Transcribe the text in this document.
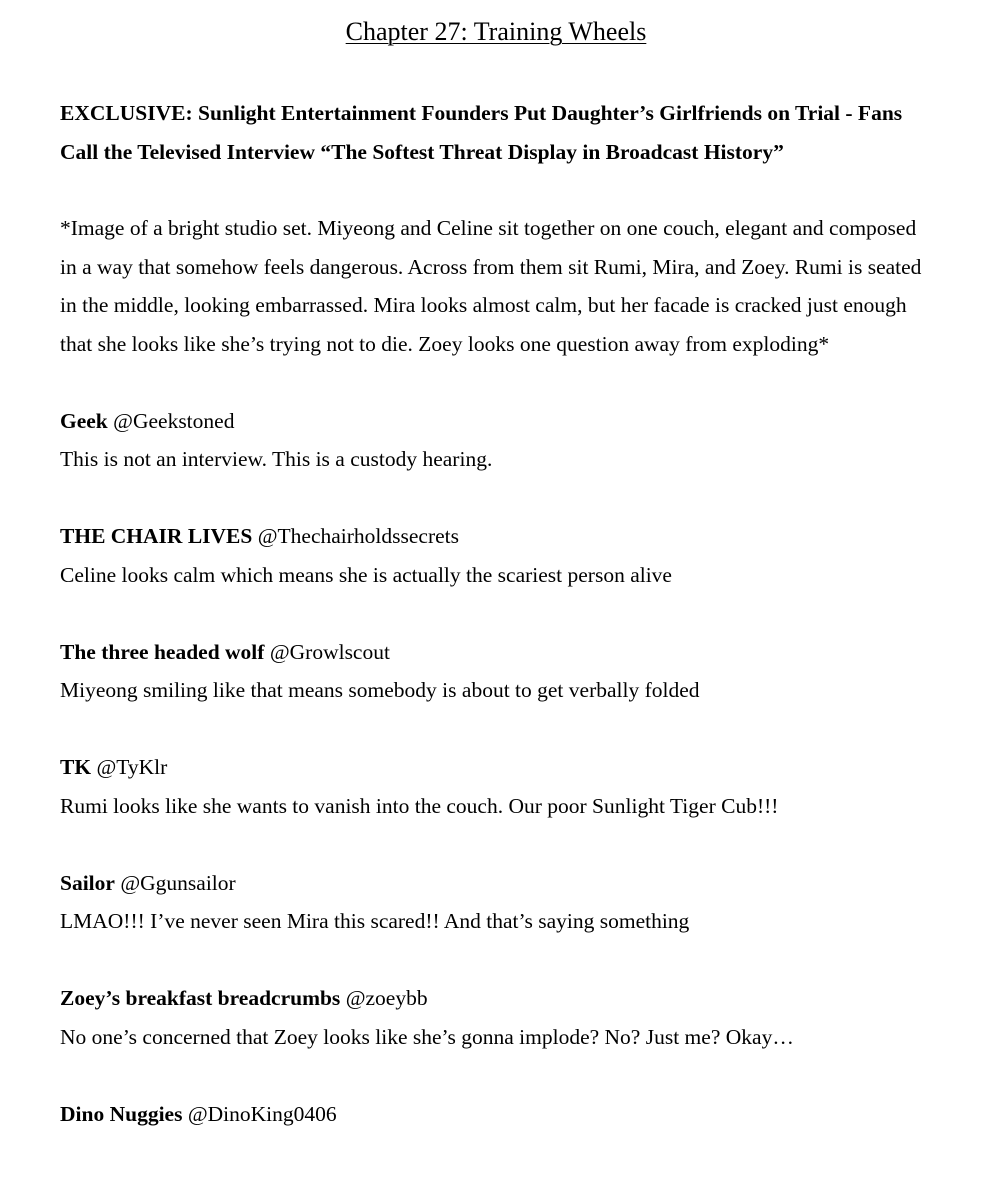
Chapter 27: Training Wheels

EXCLUSIVE: Sunlight Entertainment Founders Put Daughter’s Girlfriends on Trial - Fans Call the Televised Interview “The Softest Threat Display in Broadcast History”

*Image of a bright studio set. Miyeong and Celine sit together on one couch, elegant and composed in a way that somehow feels dangerous. Across from them sit Rumi, Mira, and Zoey. Rumi is seated in the middle, looking embarrassed. Mira looks almost calm, but her facade is cracked just enough that she looks like she’s trying not to die. Zoey looks one question away from exploding*

Geek @Geekstoned
This is not an interview. This is a custody hearing.
THE CHAIR LIVES @Thechairholdssecrets
Celine looks calm which means she is actually the scariest person alive
The three headed wolf @Growlscout
Miyeong smiling like that means somebody is about to get verbally folded
TK @TyKlr
Rumi looks like she wants to vanish into the couch. Our poor Sunlight Tiger Cub!!!
Sailor @Ggunsailor
LMAO!!! I’ve never seen Mira this scared!! And that’s saying something
Zoey’s breakfast breadcrumbs @zoeybb
No one’s concerned that Zoey looks like she’s gonna implode? No? Just me? Okay…
Dino Nuggies @DinoKing0406
